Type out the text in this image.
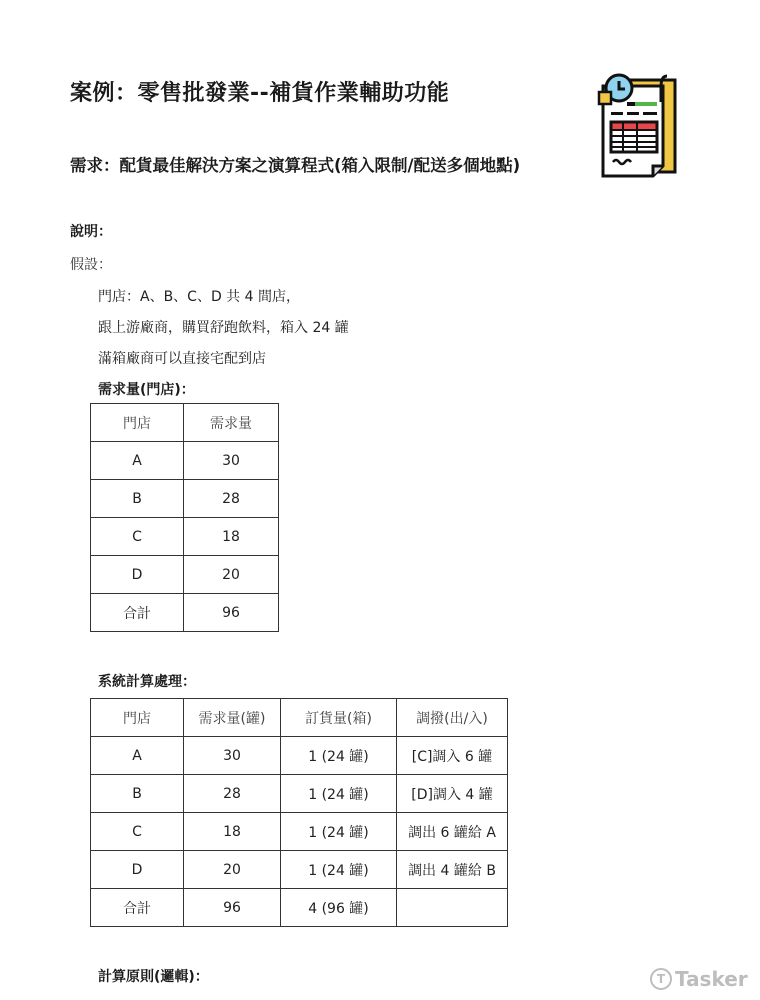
案例：零售批發業--補貨作業輔助功能
需求：配貨最佳解決方案之演算程式(箱入限制/配送多個地點)
說明：
假設：
門店：A、B、C、D 共 4 間店，
跟上游廠商，購買舒跑飲料，箱入 24 罐
滿箱廠商可以直接宅配到店
需求量(門店)：
門店	需求量
A	30
B	28
C	18
D	20
合計	96
系統計算處理：
門店	需求量(罐)	訂貨量(箱)	調撥(出/入)
A	30	1 (24 罐)	[C]調入 6 罐
B	28	1 (24 罐)	[D]調入 4 罐
C	18	1 (24 罐)	調出 6 罐給 A
D	20	1 (24 罐)	調出 4 罐給 B
合計	96	4 (96 罐)	
計算原則(邏輯)：	T Tasker
